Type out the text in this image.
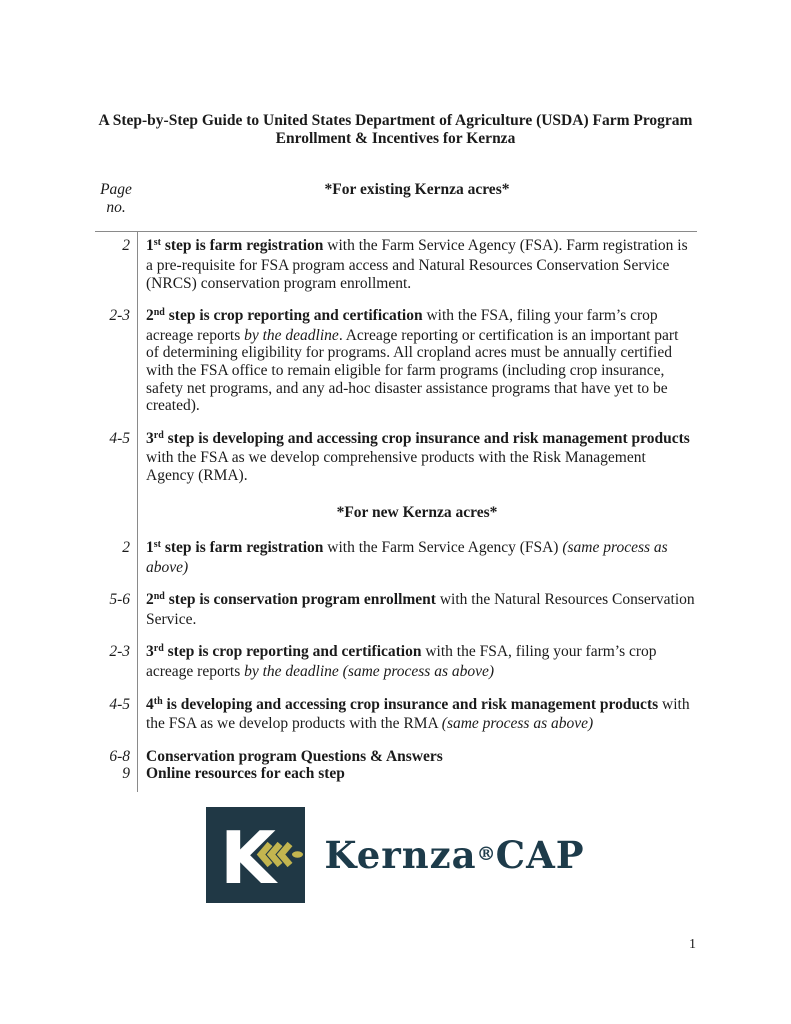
A Step-by-Step Guide to United States Department of Agriculture (USDA) Farm Program
Enrollment & Incentives for Kernza
Page
no.
*For existing Kernza acres*
2	1st step is farm registration with the Farm Service Agency (FSA). Farm registration is a pre-requisite for FSA program access and Natural Resources Conservation Service (NRCS) conservation program enrollment.
2-3	2nd step is crop reporting and certification with the FSA, filing your farm’s crop acreage reports by the deadline. Acreage reporting or certification is an important part of determining eligibility for programs. All cropland acres must be annually certified with the FSA office to remain eligible for farm programs (including crop insurance, safety net programs, and any ad-hoc disaster assistance programs that have yet to be created).
4-5	3rd step is developing and accessing crop insurance and risk management products with the FSA as we develop comprehensive products with the Risk Management Agency (RMA).
*For new Kernza acres*
2	1st step is farm registration with the Farm Service Agency (FSA) (same process as above)
5-6	2nd step is conservation program enrollment with the Natural Resources Conservation Service.
2-3	3rd step is crop reporting and certification with the FSA, filing your farm’s crop acreage reports by the deadline (same process as above)
4-5	4th is developing and accessing crop insurance and risk management products with the FSA as we develop products with the RMA (same process as above)
6-8	Conservation program Questions & Answers
9	Online resources for each step
K Kernza®CAP
1
